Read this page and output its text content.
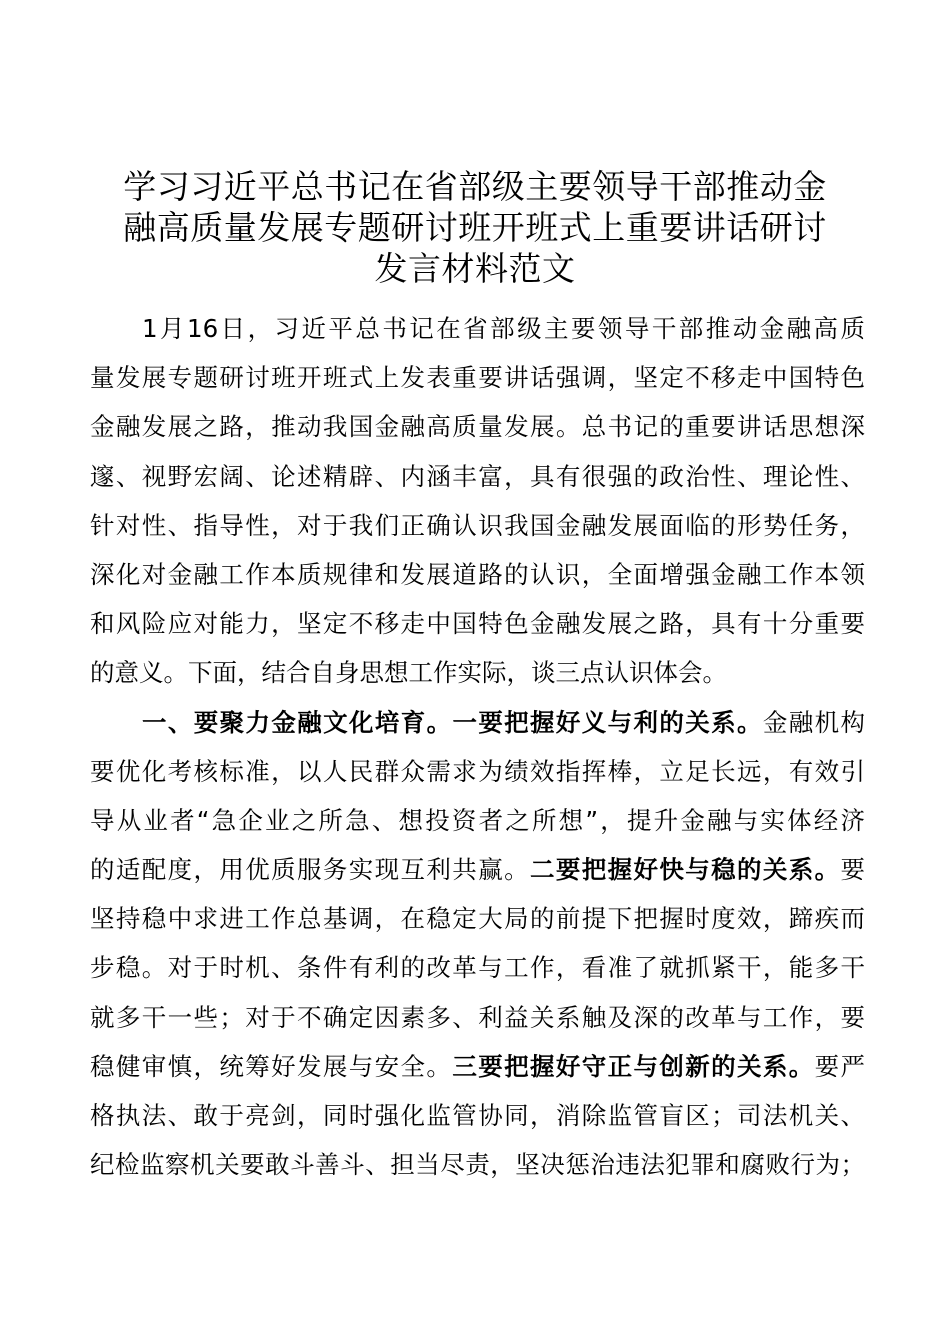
学习习近平总书记在省部级主要领导干部推动金
融高质量发展专题研讨班开班式上重要讲话研讨
发言材料范文
1月16日，习近平总书记在省部级主要领导干部推动金融高质
量发展专题研讨班开班式上发表重要讲话强调，坚定不移走中国特色
金融发展之路，推动我国金融高质量发展。总书记的重要讲话思想深
邃、视野宏阔、论述精辟、内涵丰富，具有很强的政治性、理论性、
针对性、指导性，对于我们正确认识我国金融发展面临的形势任务，
深化对金融工作本质规律和发展道路的认识，全面增强金融工作本领
和风险应对能力，坚定不移走中国特色金融发展之路，具有十分重要
的意义。下面，结合自身思想工作实际，谈三点认识体会。
一、要聚力金融文化培育。一要把握好义与利的关系。金融机构
要优化考核标准，以人民群众需求为绩效指挥棒，立足长远，有效引
导从业者“急企业之所急、想投资者之所想”，提升金融与实体经济
的适配度，用优质服务实现互利共赢。二要把握好快与稳的关系。要
坚持稳中求进工作总基调，在稳定大局的前提下把握时度效，蹄疾而
步稳。对于时机、条件有利的改革与工作，看准了就抓紧干，能多干
就多干一些；对于不确定因素多、利益关系触及深的改革与工作，要
稳健审慎，统筹好发展与安全。三要把握好守正与创新的关系。要严
格执法、敢于亮剑，同时强化监管协同，消除监管盲区；司法机关、
纪检监察机关要敢斗善斗、担当尽责，坚决惩治违法犯罪和腐败行为；
